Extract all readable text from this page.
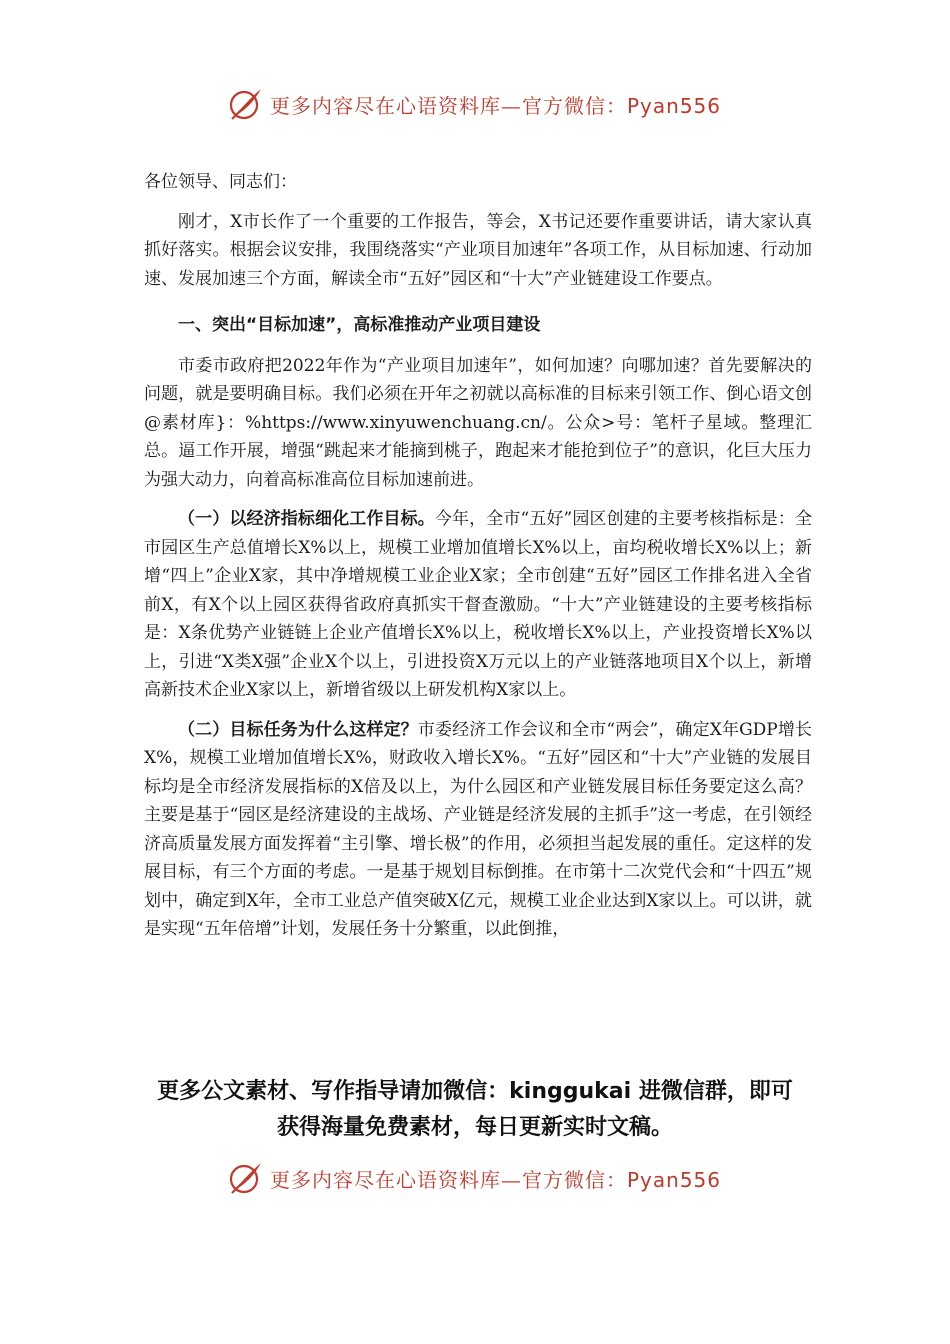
更多内容尽在心语资料库—官方微信：Pyan556

各位领导、同志们：

刚才，X市长作了一个重要的工作报告，等会，X书记还要作重要讲话，请大家认真抓好落实。根据会议安排，我围绕落实“产业项目加速年”各项工作，从目标加速、行动加速、发展加速三个方面，解读全市“五好”园区和“十大”产业链建设工作要点。

一、突出“目标加速”，高标准推动产业项目建设

市委市政府把2022年作为“产业项目加速年”，如何加速？向哪加速？首先要解决的问题，就是要明确目标。我们必须在开年之初就以高标准的目标来引领工作、倒心语文创@素材库}：%https://www.xinyuwenchuang.cn/。公众>号：笔杆子星域。整理汇总。逼工作开展，增强“跳起来才能摘到桃子，跑起来才能抢到位子”的意识，化巨大压力为强大动力，向着高标准高位目标加速前进。

（一）以经济指标细化工作目标。今年，全市“五好”园区创建的主要考核指标是：全市园区生产总值增长X%以上，规模工业增加值增长X%以上，亩均税收增长X%以上；新增“四上”企业X家，其中净增规模工业企业X家；全市创建“五好”园区工作排名进入全省前X，有X个以上园区获得省政府真抓实干督查激励。“十大”产业链建设的主要考核指标是：X条优势产业链链上企业产值增长X%以上，税收增长X%以上，产业投资增长X%以上，引进“X类X强”企业X个以上，引进投资X万元以上的产业链落地项目X个以上，新增高新技术企业X家以上，新增省级以上研发机构X家以上。

（二）目标任务为什么这样定？市委经济工作会议和全市“两会”，确定X年GDP增长X%，规模工业增加值增长X%，财政收入增长X%。“五好”园区和“十大”产业链的发展目标均是全市经济发展指标的X倍及以上，为什么园区和产业链发展目标任务要定这么高？主要是基于“园区是经济建设的主战场、产业链是经济发展的主抓手”这一考虑，在引领经济高质量发展方面发挥着“主引擎、增长极”的作用，必须担当起发展的重任。定这样的发展目标，有三个方面的考虑。一是基于规划目标倒推。在市第十二次党代会和“十四五”规划中，确定到X年，全市工业总产值突破X亿元，规模工业企业达到X家以上。可以讲，就是实现“五年倍增”计划，发展任务十分繁重，以此倒推，

更多公文素材、写作指导请加微信：kinggukai 进微信群，即可
获得海量免费素材，每日更新实时文稿。
更多内容尽在心语资料库—官方微信：Pyan556
